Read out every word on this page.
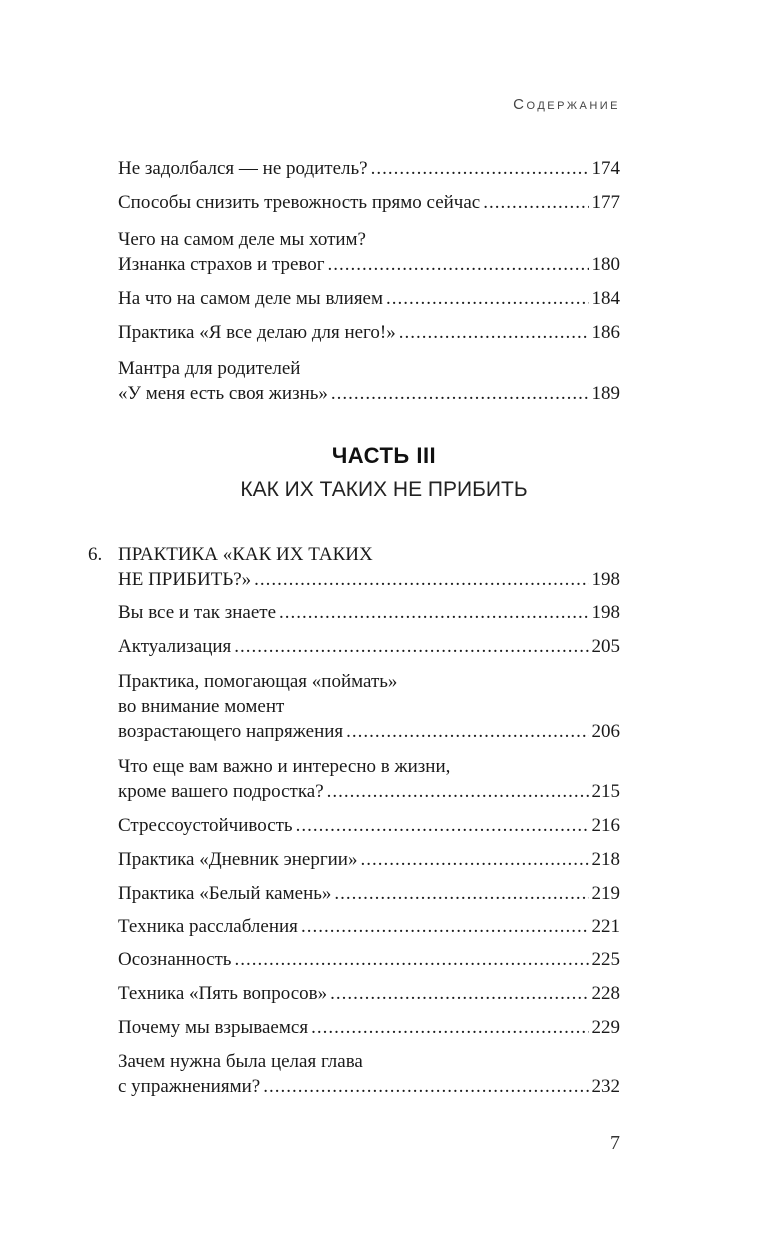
Содержание
Не задолбался — не родитель? .....	174
Способы снизить тревожность прямо сейчас .....	177
Чего на самом деле мы хотим?
Изнанка страхов и тревог .....	180
На что на самом деле мы влияем .....	184
Практика «Я все делаю для него!» .....	186
Мантра для родителей
«У меня есть своя жизнь» .....	189
ЧАСТЬ III
КАК ИХ ТАКИХ НЕ ПРИБИТЬ
6. ПРАКТИКА «КАК ИХ ТАКИХ
НЕ ПРИБИТЬ?» .....	198
Вы все и так знаете .....	198
Актуализация .....	205
Практика, помогающая «поймать»
во внимание момент
возрастающего напряжения .....	206
Что еще вам важно и интересно в жизни,
кроме вашего подростка? .....	215
Стрессоустойчивость .....	216
Практика «Дневник энергии» .....	218
Практика «Белый камень» .....	219
Техника расслабления .....	221
Осознанность .....	225
Техника «Пять вопросов» .....	228
Почему мы взрываемся .....	229
Зачем нужна была целая глава
с упражнениями? .....	232
7
